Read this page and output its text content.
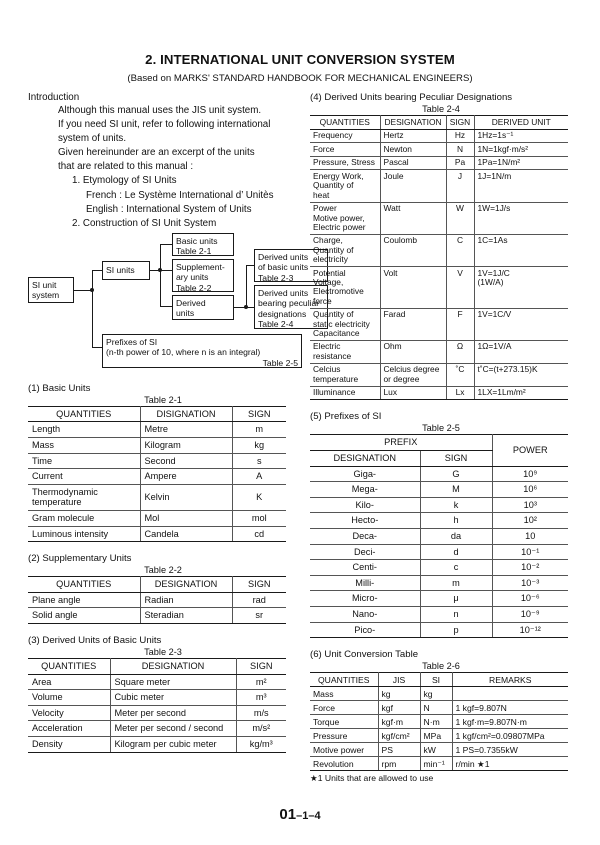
2. INTERNATIONAL UNIT CONVERSION SYSTEM
(Based on MARKS' STANDARD HANDBOOK FOR MECHANICAL ENGINEERS)
Introduction
Although this manual uses the JIS unit system.
If you need SI unit, refer to following international
system of units.
Given hereinunder are an excerpt of the units
that are related to this manual :
1. Etymology of SI Units
French : Le Système International d’ Unitès
English : International System of Units
2. Construction of SI Unit System
SI unit
system
SI units
Basic units
Table 2-1
Supplement-
ary units
Table 2-2
Derived
units
Derived units
of basic units
Table 2-3
Derived units
bearing peculiar
designations
Table 2-4
Prefixes of SI
(n-th power of 10, where n is an integral)
Table 2-5
(1) Basic Units
Table 2-1
QUANTITIES	DISIGNATION	SIGN
Length	Metre	m
Mass	Kilogram	kg
Time	Second	s
Current	Ampere	A
Thermodynamic
temperature	Kelvin	K
Gram molecule	Mol	mol
Luminous intensity	Candela	cd
(2) Supplementary Units
Table 2-2
QUANTITIES	DESIGNATION	SIGN
Plane angle	Radian	rad
Solid angle	Steradian	sr
(3) Derived Units of Basic Units
Table 2-3
QUANTITIES	DESIGNATION	SIGN
Area	Square meter	m²
Volume	Cubic meter	m³
Velocity	Meter per second	m/s
Acceleration	Meter per second / second	m/s²
Density	Kilogram per cubic meter	kg/m³
(4) Derived Units bearing Peculiar Designations
Table 2-4
QUANTITIES	DESIGNATION	SIGN	DERIVED UNIT
Frequency	Hertz	Hz	1Hz=1s⁻¹
Force	Newton	N	1N=1kgf·m/s²
Pressure, Stress	Pascal	Pa	1Pa=1N/m²
Energy Work,
Quantity of
heat	Joule	J	1J=1N/m
Power
Motive power,
Electric power	Watt	W	1W=1J/s
Charge,
Quantity of
electricity	Coulomb	C	1C=1As
Potential
Voltage,
Electromotive
force	Volt	V	1V=1J/C
(1W/A)
Quantity of
static electricity
Capacitance	Farad	F	1V=1C/V
Electric
resistance	Ohm	Ω	1Ω=1V/A
Celcius
temperature	Celcius degree
or degree	˚C	t˚C=(t+273.15)K
Illuminance	Lux	Lx	1LX=1Lm/m²
(5) Prefixes of SI
Table 2-5
PREFIX		POWER
DESIGNATION	SIGN	
Giga-	G	10⁹
Mega-	M	10⁶
Kilo-	k	10³
Hecto-	h	10²
Deca-	da	10
Deci-	d	10⁻¹
Centi-	c	10⁻²
Milli-	m	10⁻³
Micro-	μ	10⁻⁶
Nano-	n	10⁻⁹
Pico-	p	10⁻¹²
(6) Unit Conversion Table
Table 2-6
QUANTITIES	JIS	SI	REMARKS
Mass	kg	kg	
Force	kgf	N	1 kgf=9.807N
Torque	kgf·m	N·m	1 kgf·m=9.807N·m
Pressure	kgf/cm²	MPa	1 kgf/cm²=0.09807MPa
Motive power	PS	kW	1 PS=0.7355kW
Revolution	rpm	min⁻¹	r/min ★1
★1 Units that are allowed to use
01–1–4
